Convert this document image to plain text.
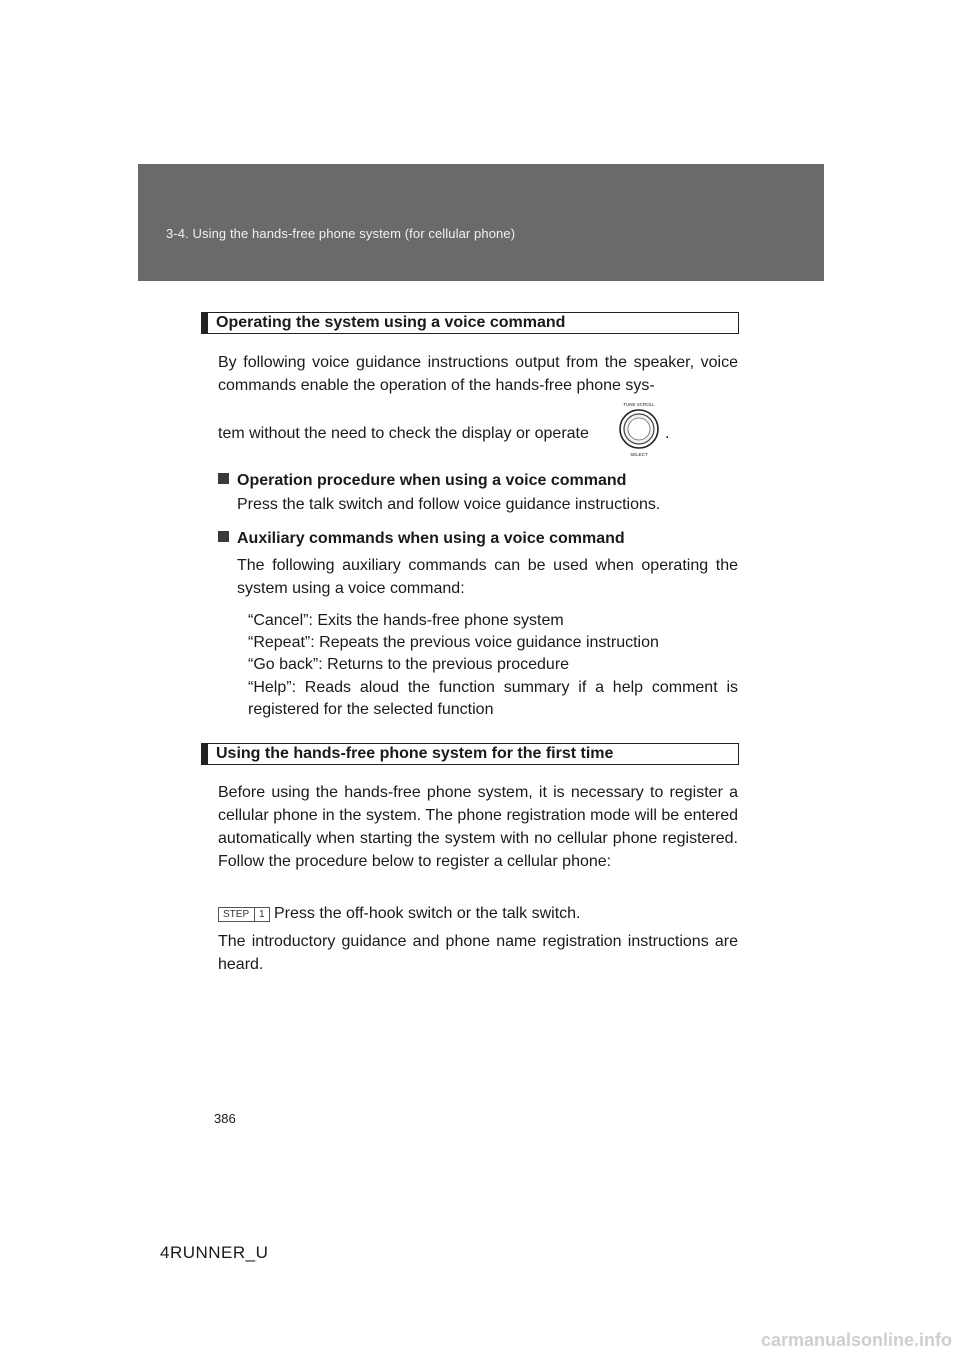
3-4. Using the hands-free phone system (for cellular phone)
Operating the system using a voice command

By following voice guidance instructions output from the speaker, voice commands enable the operation of the hands-free phone sys-

tem without the need to check the display or operate
TUNE SCROLL
SELECT
.
Operation procedure when using a voice command
Press the talk switch and follow voice guidance instructions.
Auxiliary commands when using a voice command

The following auxiliary commands can be used when operating the system using a voice command:

“Cancel”: Exits the hands-free phone system
“Repeat”: Repeats the previous voice guidance instruction
“Go back”: Returns to the previous procedure
“Help”: Reads aloud the function summary if a help comment is registered for the selected function
Using the hands-free phone system for the first time

Before using the hands-free phone system, it is necessary to register a cellular phone in the system. The phone registration mode will be entered automatically when starting the system with no cellular phone registered. Follow the procedure below to register a cellular phone:

STEP 1 Press the off-hook switch or the talk switch.

The introductory guidance and phone name registration instructions are heard.

386
4RUNNER_U
carmanualsonline.info
